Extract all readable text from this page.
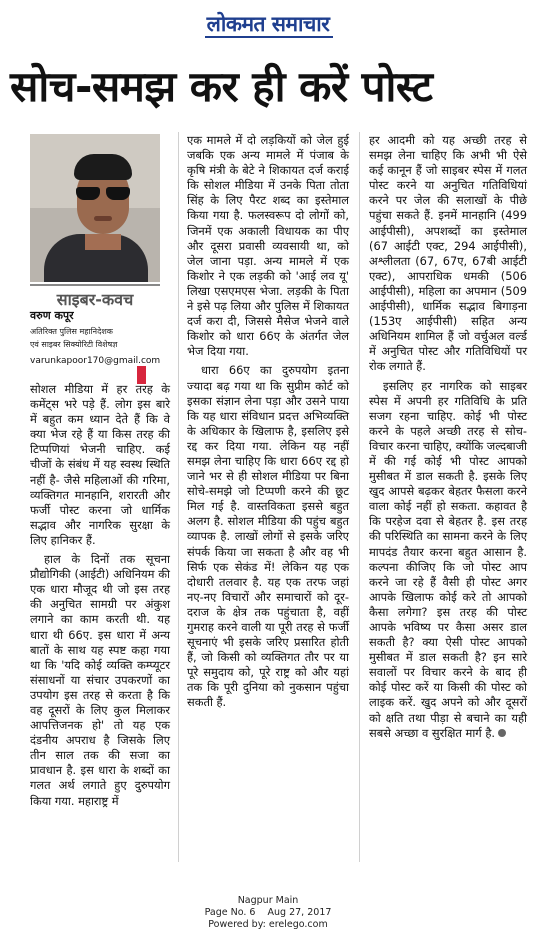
लोकमत समाचार
सोच-समझ कर ही करें पोस्ट
साइबर-कवच
वरुण कपूर
अतिरिक्त पुलिस महानिदेशक
एवं साइबर सिक्योरिटी विशेषज्ञ
varunkapoor170@gmail.com

सोशल मीडिया में हर तरह के कमेंट्स भरे पड़े हैं. लोग इस बारे में बहुत कम ध्यान देते हैं कि वे क्या भेज रहे हैं या किस तरह की टिप्पणियां भेजनी चाहिए. कई चीजों के संबंध में यह स्वस्थ स्थिति नहीं है- जैसे महिलाओं की गरिमा, व्यक्तिगत मानहानि, शरारती और फर्जी पोस्ट करना जो धार्मिक सद्भाव और नागरिक सुरक्षा के लिए हानिकर हैं.

हाल के दिनों तक सूचना प्रौद्योगिकी (आईटी) अधिनियम की एक धारा मौजूद थी जो इस तरह की अनुचित सामग्री पर अंकुश लगाने का काम करती थी. यह धारा थी 66ए. इस धारा में अन्य बातों के साथ यह स्पष्ट कहा गया था कि 'यदि कोई व्यक्ति कम्प्यूटर संसाधनों या संचार उपकरणों का उपयोग इस तरह से करता है कि वह दूसरों के लिए कुल मिलाकर आपत्तिजनक हो' तो यह एक दंडनीय अपराध है जिसके लिए तीन साल तक की सजा का प्रावधान है. इस धारा के शब्दों का गलत अर्थ लगाते हुए दुरुपयोग किया गया. महाराष्ट्र में

एक मामले में दो लड़कियों को जेल हुई जबकि एक अन्य मामले में पंजाब के कृषि मंत्री के बेटे ने शिकायत दर्ज कराई कि सोशल मीडिया में उनके पिता तोता सिंह के लिए पैरट शब्द का इस्तेमाल किया गया है. फलस्वरूप दो लोगों को, जिनमें एक अकाली विधायक का पीए और दूसरा प्रवासी व्यवसायी था, को जेल जाना पड़ा. अन्य मामले में एक किशोर ने एक लड़की को 'आई लव यू' लिखा एसएमएस भेजा. लड़की के पिता ने इसे पढ़ लिया और पुलिस में शिकायत दर्ज करा दी, जिससे मैसेज भेजने वाले किशोर को धारा 66ए के अंतर्गत जेल भेज दिया गया.

धारा 66ए का दुरुपयोग इतना ज्यादा बढ़ गया था कि सुप्रीम कोर्ट को इसका संज्ञान लेना पड़ा और उसने पाया कि यह धारा संविधान प्रदत्त अभिव्यक्ति के अधिकार के खिलाफ है, इसलिए इसे रद्द कर दिया गया. लेकिन यह नहीं समझ लेना चाहिए कि धारा 66ए रद्द हो जाने भर से ही सोशल मीडिया पर बिना सोचे-समझे जो टिप्पणी करने की छूट मिल गई है. वास्तविकता इससे बहुत अलग है. सोशल मीडिया की पहुंच बहुत व्यापक है. लाखों लोगों से इसके जरिए संपर्क किया जा सकता है और वह भी सिर्फ एक सेकंड में! लेकिन यह एक दोधारी तलवार है. यह एक तरफ जहां नए-नए विचारों और समाचारों को दूर-दराज के क्षेत्र तक पहुंचाता है, वहीं गुमराह करने वाली या पूरी तरह से फर्जी सूचनाएं भी इसके जरिए प्रसारित होती हैं, जो किसी को व्यक्तिगत तौर पर या पूरे समुदाय को, पूरे राष्ट्र को और यहां तक कि पूरी दुनिया को नुकसान पहुंचा सकती हैं.

हर आदमी को यह अच्छी तरह से समझ लेना चाहिए कि अभी भी ऐसे कई कानून हैं जो साइबर स्पेस में गलत पोस्ट करने या अनुचित गतिविधियां करने पर जेल की सलाखों के पीछे पहुंचा सकते हैं. इनमें मानहानि (499 आईपीसी), अपशब्दों का इस्तेमाल (67 आईटी एक्ट, 294 आईपीसी), अश्लीलता (67, 67ए, 67बी आईटी एक्ट), आपराधिक धमकी (506 आईपीसी), महिला का अपमान (509 आईपीसी), धार्मिक सद्भाव बिगाड़ना (153ए आईपीसी) सहित अन्य अधिनियम शामिल हैं जो वर्चुअल वर्ल्ड में अनुचित पोस्ट और गतिविधियों पर रोक लगाते हैं.

इसलिए हर नागरिक को साइबर स्पेस में अपनी हर गतिविधि के प्रति सजग रहना चाहिए. कोई भी पोस्ट करने के पहले अच्छी तरह से सोच-विचार करना चाहिए, क्योंकि जल्दबाजी में की गई कोई भी पोस्ट आपको मुसीबत में डाल सकती है. इसके लिए खुद आपसे बढ़कर बेहतर फैसला करने वाला कोई नहीं हो सकता. कहावत है कि परहेज दवा से बेहतर है. इस तरह की परिस्थिति का सामना करने के लिए मापदंड तैयार करना बहुत आसान है. कल्पना कीजिए कि जो पोस्ट आप करने जा रहे हैं वैसी ही पोस्ट अगर आपके खिलाफ कोई करे तो आपको कैसा लगेगा? इस तरह की पोस्ट आपके भविष्य पर कैसा असर डाल सकती है? क्या ऐसी पोस्ट आपको मुसीबत में डाल सकती है? इन सारे सवालों पर विचार करने के बाद ही कोई पोस्ट करें या किसी की पोस्ट को लाइक करें. खुद अपने को और दूसरों को क्षति तथा पीड़ा से बचाने का यही सबसे अच्छा व सुरक्षित मार्ग है.

Nagpur Main
Page No. 6    Aug 27, 2017
Powered by: erelego.com
